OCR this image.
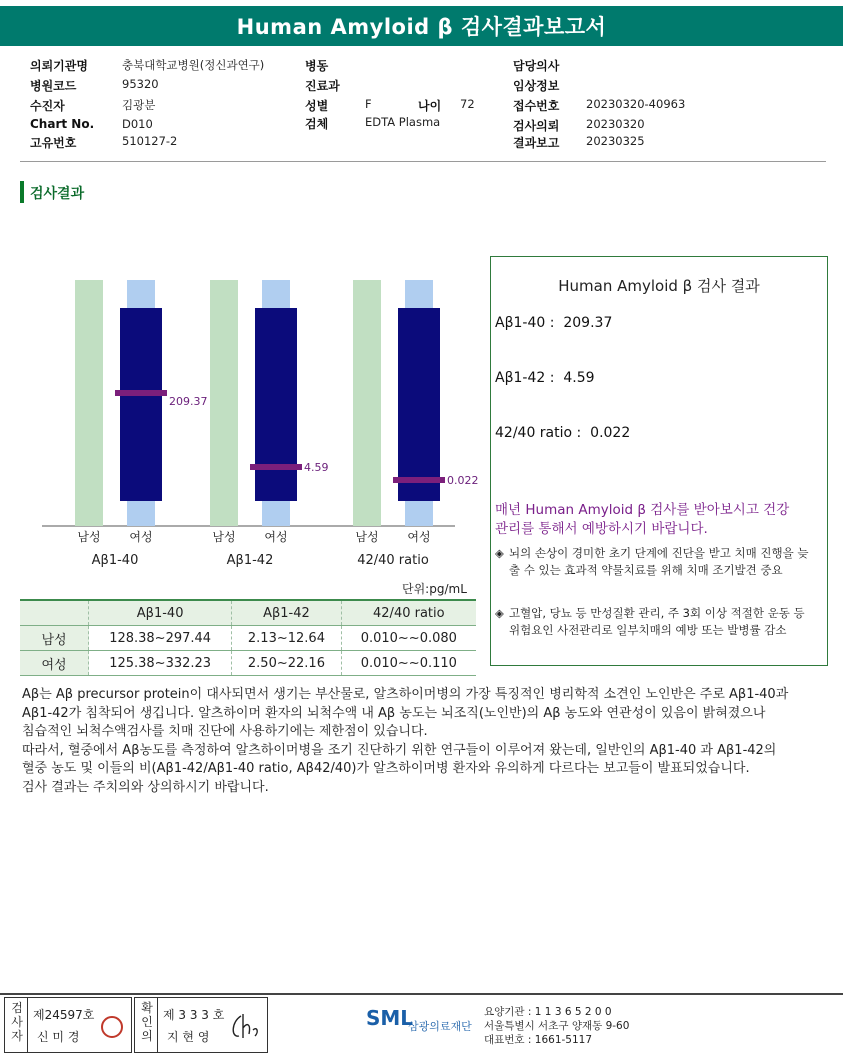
Human Amyloid β 검사결과보고서
의뢰기관명	충북대학교병원(정신과연구)
병원코드	95320
수진자	김광분
Chart No. D010
고유번호	510127-2
병동
진료과
성별	F	나이 72
검체	EDTA Plasma
담당의사
임상정보
접수번호 20230320-40963
검사의뢰 20230320
결과보고 20230325
검사결과
209.37
남성 여성
Aβ1-40
4.59
남성 여성
Aβ1-42
0.022
남성 여성
42/40 ratio
단위:pg/mL
	Aβ1-40	Aβ1-42	42/40 ratio
남성	128.38~297.44	2.13~12.64	0.010~~0.080
여성	125.38~332.23	2.50~22.16	0.010~~0.110
Human Amyloid β 검사 결과
Aβ1-40 : 209.37
Aβ1-42 : 4.59
42/40 ratio : 0.022
매년 Human Amyloid β 검사를 받아보시고 건강
관리를 통해서 예방하시기 바랍니다.
◈ 뇌의 손상이 경미한 초기 단계에 진단을 받고 치매 진행을 늦
출 수 있는 효과적 약물치료를 위해 치매 조기발견 중요
◈ 고혈압, 당뇨 등 만성질환 관리, 주 3회 이상 적절한 운동 등
위험요인 사전관리로 일부치매의 예방 또는 발병률 감소

Aβ는 Aβ precursor protein이 대사되면서 생기는 부산물로, 알츠하이머병의 가장 특징적인 병리학적 소견인 노인반은 주로 Aβ1-40과

Aβ1-42가 침착되어 생깁니다. 알츠하이머 환자의 뇌척수액 내 Aβ 농도는 뇌조직(노인반)의 Aβ 농도와 연관성이 있음이 밝혀졌으나

침습적인 뇌척수액검사를 치매 진단에 사용하기에는 제한점이 있습니다.

따라서, 혈중에서 Aβ농도를 측정하여 알츠하이머병을 조기 진단하기 위한 연구들이 이루어져 왔는데, 일반인의 Aβ1-40 과 Aβ1-42의

혈중 농도 및 이들의 비(Aβ1-42/Aβ1-40 ratio, Aβ42/40)가 알츠하이머병 환자와 유의하게 다르다는 보고들이 발표되었습니다.

검사 결과는 주치의와 상의하시기 바랍니다.

검사자
제24597호
신 미 경
확인의
제 3 3 3 호
지 현 영
SML
삼광의료재단
요양기관 : 1 1 3 6 5 2 0 0
서울특별시 서초구 양재동 9-60
대표번호 : 1661-5117
